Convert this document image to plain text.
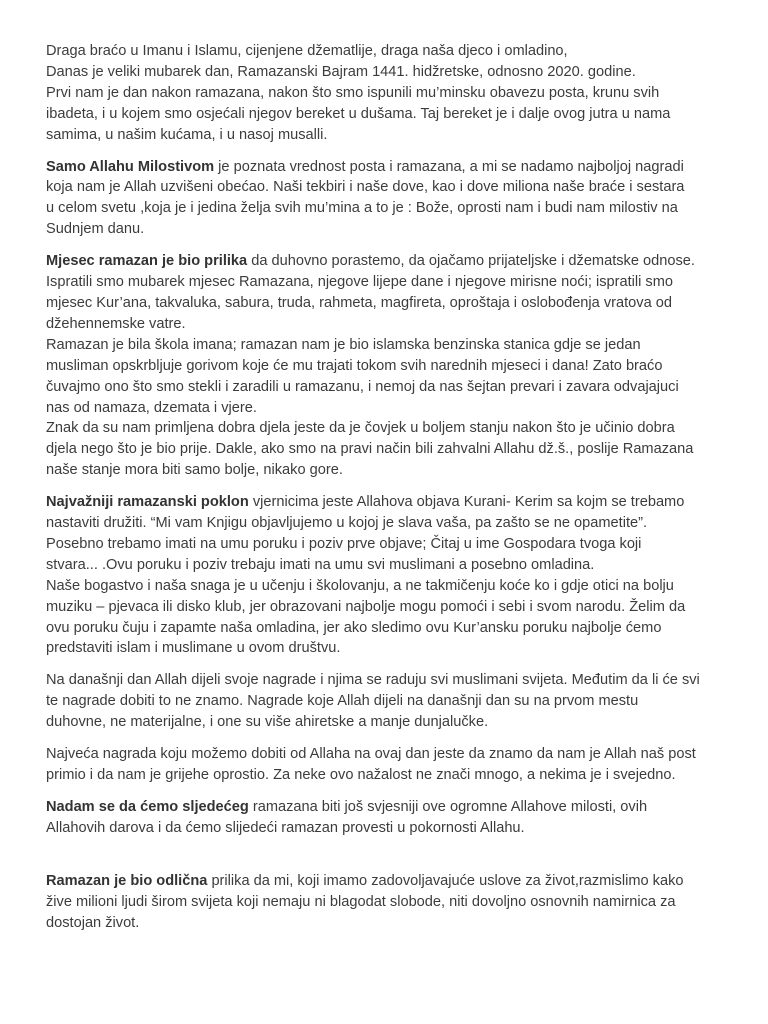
Draga braćo u Imanu i Islamu, cijenjene džematlije, draga naša djeco i omladino,
Danas je veliki mubarek dan, Ramazanski Bajram 1441. hidžretske, odnosno 2020. godine.
Prvi nam je dan nakon ramazana, nakon što smo ispunili mu’minsku obavezu posta, krunu svih
ibadeta, i u kojem smo osjećali njegov bereket u dušama. Taj bereket je i dalje ovog jutra u nama
samima, u našim kućama, i u nasoj musalli.
Samo Allahu Milostivom je poznata vrednost posta i ramazana, a mi se nadamo najboljoj nagradi
koja nam je Allah uzvišeni obećao. Naši tekbiri i naše dove, kao i dove miliona naše braće i sestara
u celom svetu ,koja je i jedina želja svih mu’mina a to je : Bože, oprosti nam i budi nam milostiv na
Sudnjem danu.
Mjesec ramazan je bio prilika da duhovno porastemo, da ojačamo prijateljske i džematske odnose.
Ispratili smo mubarek mjesec Ramazana, njegove lijepe dane i njegove mirisne noći; ispratili smo
mjesec Kur’ana, takvaluka, sabura, truda, rahmeta, magfireta, oproštaja i oslobođenja vratova od
džehennemske vatre.
Ramazan je bila škola imana; ramazan nam je bio islamska benzinska stanica gdje se jedan
musliman opskrbljuje gorivom koje će mu trajati tokom svih narednih mjeseci i dana! Zato braćo
čuvajmo ono što smo stekli i zaradili u ramazanu, i nemoj da nas šejtan prevari i zavara odvajajuci
nas od namaza, dzemata i vjere.
Znak da su nam primljena dobra djela jeste da je čovjek u boljem stanju nakon što je učinio dobra
djela nego što je bio prije. Dakle, ako smo na pravi način bili zahvalni Allahu dž.š., poslije Ramazana
naše stanje mora biti samo bolje, nikako gore.
Najvažniji ramazanski poklon vjernicima jeste Allahova objava Kurani- Kerim sa kojm se trebamo
nastaviti družiti. “Mi vam Knjigu objavljujemo u kojoj je slava vaša, pa zašto se ne opametite”.
Posebno trebamo imati na umu poruku i poziv prve objave; Čitaj u ime Gospodara tvoga koji
stvara... .Ovu poruku i poziv trebaju imati na umu svi muslimani a posebno omladina.
Naše bogastvo i naša snaga je u učenju i školovanju, a ne takmičenju koće ko i gdje otici na bolju
muziku – pjevaca ili disko klub, jer obrazovani najbolje mogu pomoći i sebi i svom narodu. Želim da
ovu poruku čuju i zapamte naša omladina, jer ako sledimo ovu Kur’ansku poruku najbolje ćemo
predstaviti islam i muslimane u ovom društvu.
Na današnji dan Allah dijeli svoje nagrade i njima se raduju svi muslimani svijeta. Međutim da li će svi
te nagrade dobiti to ne znamo. Nagrade koje Allah dijeli na današnji dan su na prvom mestu
duhovne, ne materijalne, i one su više ahiretske a manje dunjalučke.
Najveća nagrada koju možemo dobiti od Allaha na ovaj dan jeste da znamo da nam je Allah naš post
primio i da nam je grijehe oprostio. Za neke ovo nažalost ne znači mnogo, a nekima je i svejedno.
Nadam se da ćemo sljedećeg ramazana biti još svjesniji ove ogromne Allahove milosti, ovih
Allahovih darova i da ćemo slijedeći ramazan provesti u pokornosti Allahu.
Ramazan je bio odlična prilika da mi, koji imamo zadovoljavajuće uslove za život,razmislimo kako
žive milioni ljudi širom svijeta koji nemaju ni blagodat slobode, niti dovoljno osnovnih namirnica za
dostojan život.
